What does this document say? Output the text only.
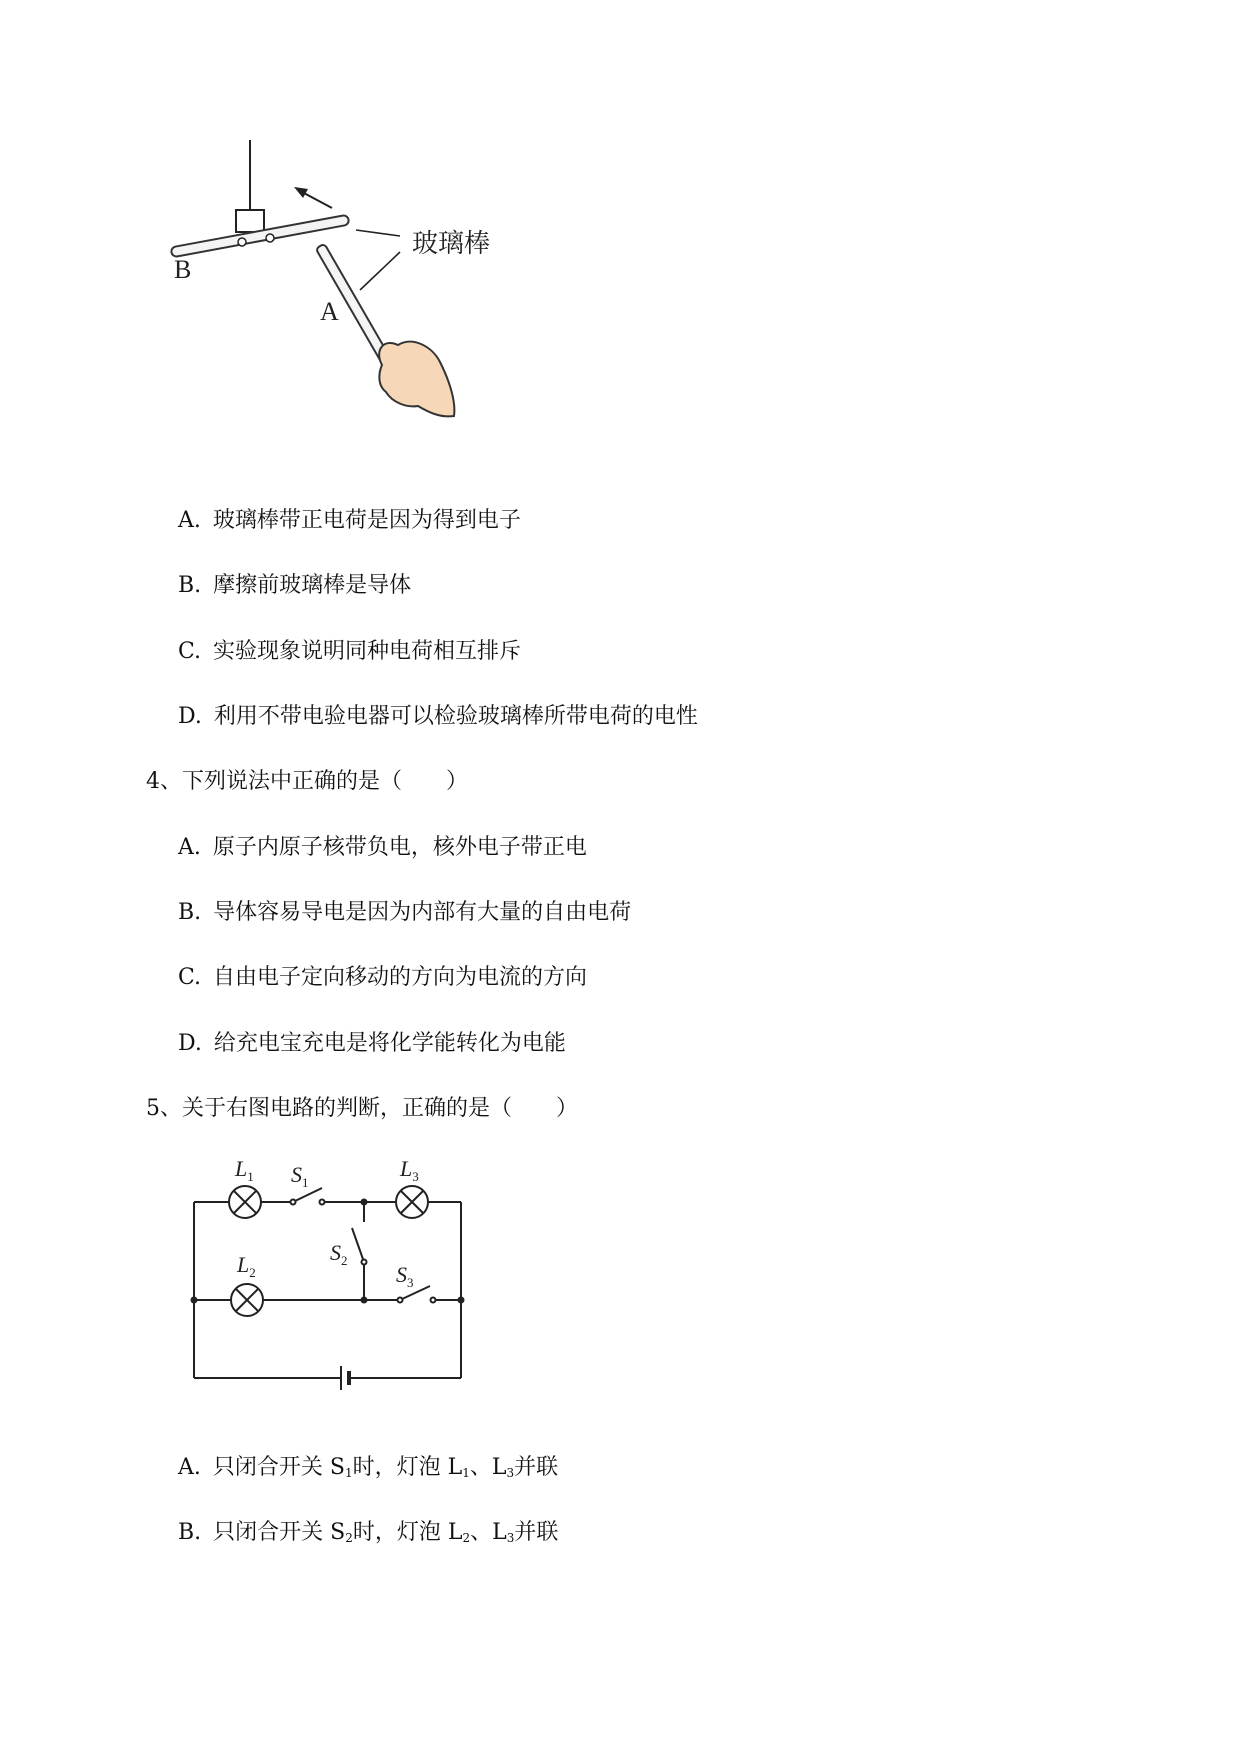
玻璃棒
A
B
A. 玻璃棒带正电荷是因为得到电子
B. 摩擦前玻璃棒是导体
C. 实验现象说明同种电荷相互排斥
D. 利用不带电验电器可以检验玻璃棒所带电荷的电性
4、下列说法中正确的是（　　）
A. 原子内原子核带负电，核外电子带正电
B. 导体容易导电是因为内部有大量的自由电荷
C. 自由电子定向移动的方向为电流的方向
D. 给充电宝充电是将化学能转化为电能
5、关于右图电路的判断，正确的是（　　）
$L_1$ $S_1$
$L_3$
$S_2$
$L_2$	$S_3$
A. 只闭合开关 $S_1$时，灯泡 $L_1$、$L_3$并联
B. 只闭合开关 $S_2$时，灯泡 $L_2$、$L_3$并联
